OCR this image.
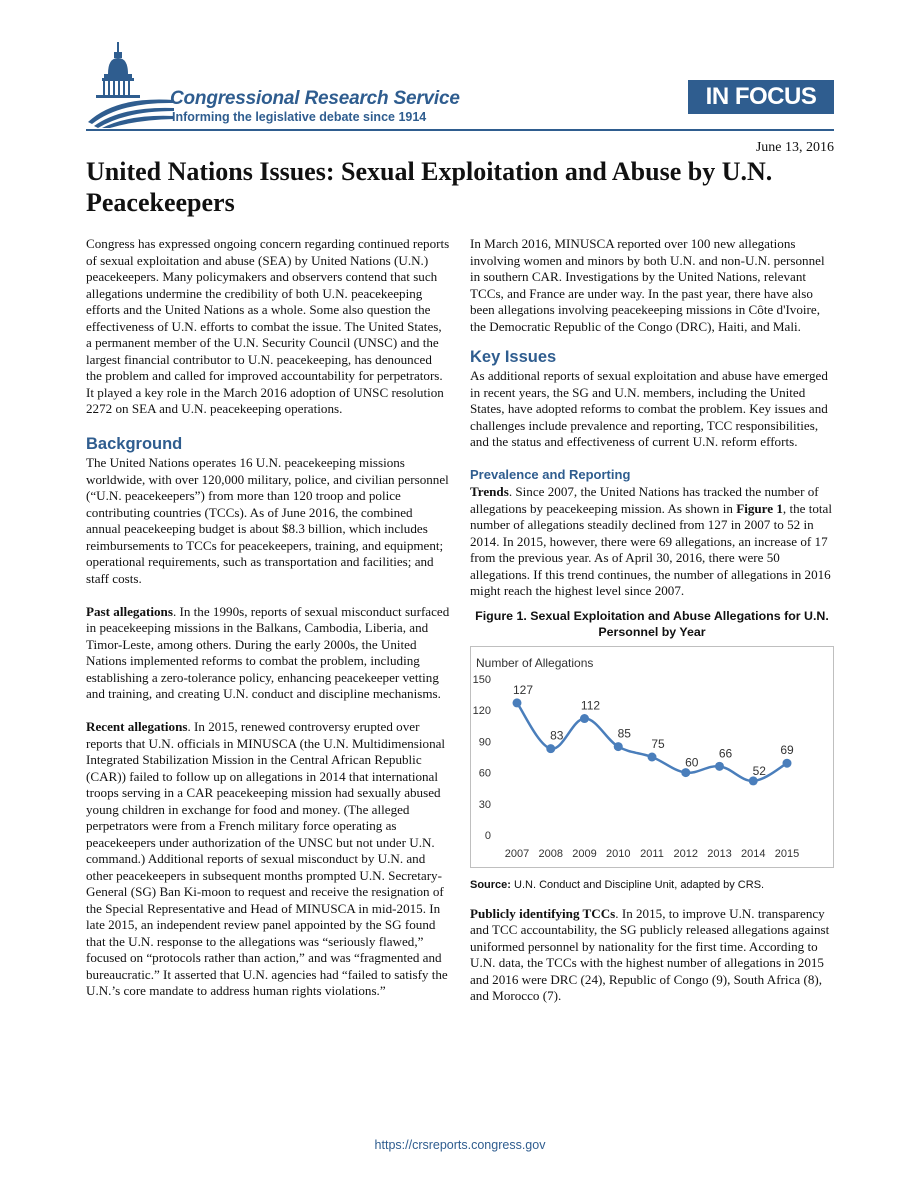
Congressional Research Service
Informing the legislative debate since 1914
IN FOCUS
June 13, 2016
United Nations Issues: Sexual Exploitation and Abuse by U.N. Peacekeepers

Congress has expressed ongoing concern regarding continued reports of sexual exploitation and abuse (SEA) by United Nations (U.N.) peacekeepers. Many policymakers and observers contend that such allegations undermine the credibility of both U.N. peacekeeping efforts and the United Nations as a whole. Some also question the effectiveness of U.N. efforts to combat the issue. The United States, a permanent member of the U.N. Security Council (UNSC) and the largest financial contributor to U.N. peacekeeping, has denounced the problem and called for improved accountability for perpetrators. It played a key role in the March 2016 adoption of UNSC resolution 2272 on SEA and U.N. peacekeeping operations.

Background

The United Nations operates 16 U.N. peacekeeping missions worldwide, with over 120,000 military, police, and civilian personnel (“U.N. peacekeepers”) from more than 120 troop and police contributing countries (TCCs). As of June 2016, the combined annual peacekeeping budget is about $8.3 billion, which includes reimbursements to TCCs for peacekeepers, training, and equipment; operational requirements, such as transportation and facilities; and staff costs.

Past allegations. In the 1990s, reports of sexual misconduct surfaced in peacekeeping missions in the Balkans, Cambodia, Liberia, and Timor-Leste, among others. During the early 2000s, the United Nations implemented reforms to combat the problem, including establishing a zero-tolerance policy, enhancing peacekeeper vetting and training, and creating U.N. conduct and discipline mechanisms.

Recent allegations. In 2015, renewed controversy erupted over reports that U.N. officials in MINUSCA (the U.N. Multidimensional Integrated Stabilization Mission in the Central African Republic (CAR)) failed to follow up on allegations in 2014 that international troops serving in a CAR peacekeeping mission had sexually abused young children in exchange for food and money. (The alleged perpetrators were from a French military force operating as peacekeepers under authorization of the UNSC but not under U.N. command.) Additional reports of sexual misconduct by U.N. and other peacekeepers in subsequent months prompted U.N. Secretary-General (SG) Ban Ki-moon to request and receive the resignation of the Special Representative and Head of MINUSCA in mid-2015. In late 2015, an independent review panel appointed by the SG found that the U.N. response to the allegations was “seriously flawed,” focused on “protocols rather than action,” and was “fragmented and bureaucratic.” It asserted that U.N. agencies had “failed to satisfy the U.N.’s core mandate to address human rights violations.”

In March 2016, MINUSCA reported over 100 new allegations involving women and minors by both U.N. and non-U.N. personnel in southern CAR. Investigations by the United Nations, relevant TCCs, and France are under way. In the past year, there have also been allegations involving peacekeeping missions in Côte d'Ivoire, the Democratic Republic of the Congo (DRC), Haiti, and Mali.

Key Issues

As additional reports of sexual exploitation and abuse have emerged in recent years, the SG and U.N. members, including the United States, have adopted reforms to combat the problem. Key issues and challenges include prevalence and reporting, TCC responsibilities, and the status and effectiveness of current U.N. reform efforts.

Prevalence and Reporting

Trends. Since 2007, the United Nations has tracked the number of allegations by peacekeeping mission. As shown in Figure 1, the total number of allegations steadily declined from 127 in 2007 to 52 in 2014. In 2015, however, there were 69 allegations, an increase of 17 from the previous year. As of April 30, 2016, there were 50 allegations. If this trend continues, the number of allegations in 2016 might reach the highest level since 2007.

Figure 1. Sexual Exploitation and Abuse Allegations for U.N. Personnel by Year
Number of Allegations
0
30
60
90
120
150
2007 2008 2009 2010 2011 2012 2013 2014 2015
127
83
112
85
75
60
66
52
69

Source: U.N. Conduct and Discipline Unit, adapted by CRS.

Publicly identifying TCCs. In 2015, to improve U.N. transparency and TCC accountability, the SG publicly released allegations against uniformed personnel by nationality for the first time. According to U.N. data, the TCCs with the highest number of allegations in 2015 and 2016 were DRC (24), Republic of Congo (9), South Africa (8), and Morocco (7).

https://crsreports.congress.gov
